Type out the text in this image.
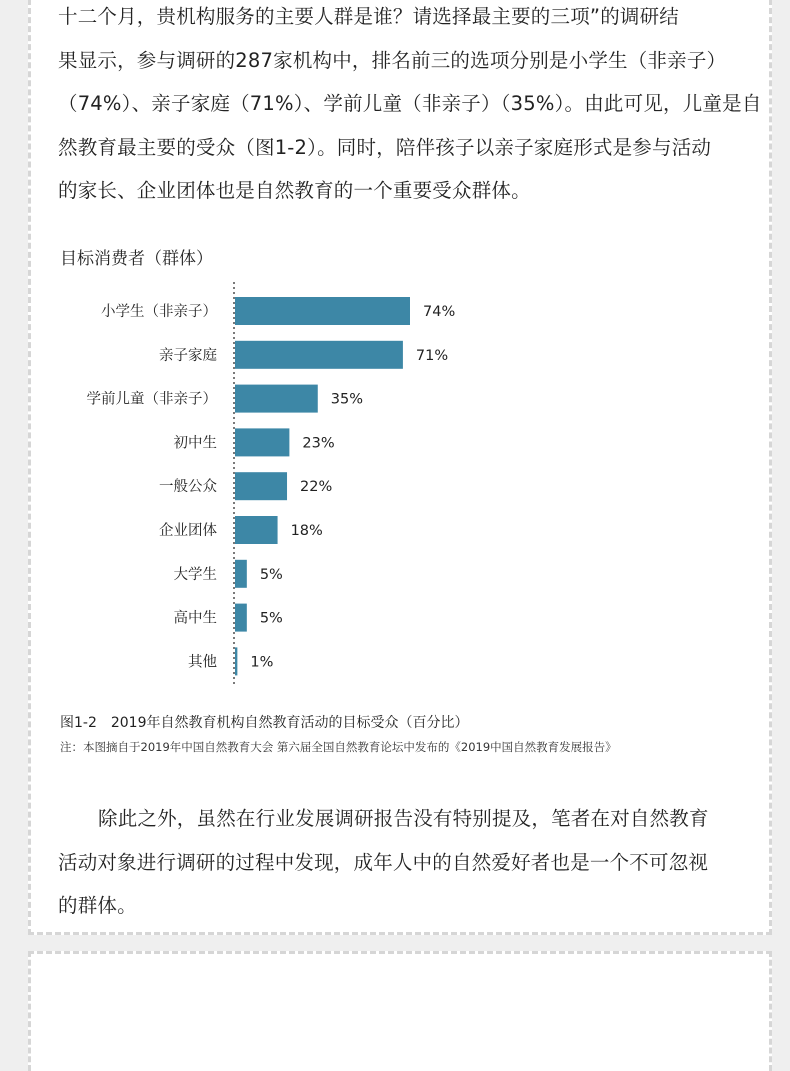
十二个月，贵机构服务的主要人群是谁？请选择最主要的三项”的调研结
果显示，参与调研的287家机构中，排名前三的选项分别是小学生（非亲子）
（74%）、亲子家庭（71%）、学前儿童（非亲子）（35%）。由此可见，儿童是自
然教育最主要的受众（图1-2）。同时，陪伴孩子以亲子家庭形式是参与活动
的家长、企业团体也是自然教育的一个重要受众群体。

目标消费者（群体）
小学生（非亲子）	74%
亲子家庭	71%
学前儿童（非亲子）	35%
初中生	23%
一般公众	22%
企业团体	18%
大学生	5%
高中生	5%
其他 1%
图1-2　2019年自然教育机构自然教育活动的目标受众（百分比）
注：本图摘自于2019年中国自然教育大会 第六届全国自然教育论坛中发布的《2019中国自然教育发展报告》

除此之外，虽然在行业发展调研报告没有特别提及，笔者在对自然教育
活动对象进行调研的过程中发现，成年人中的自然爱好者也是一个不可忽视
的群体。
